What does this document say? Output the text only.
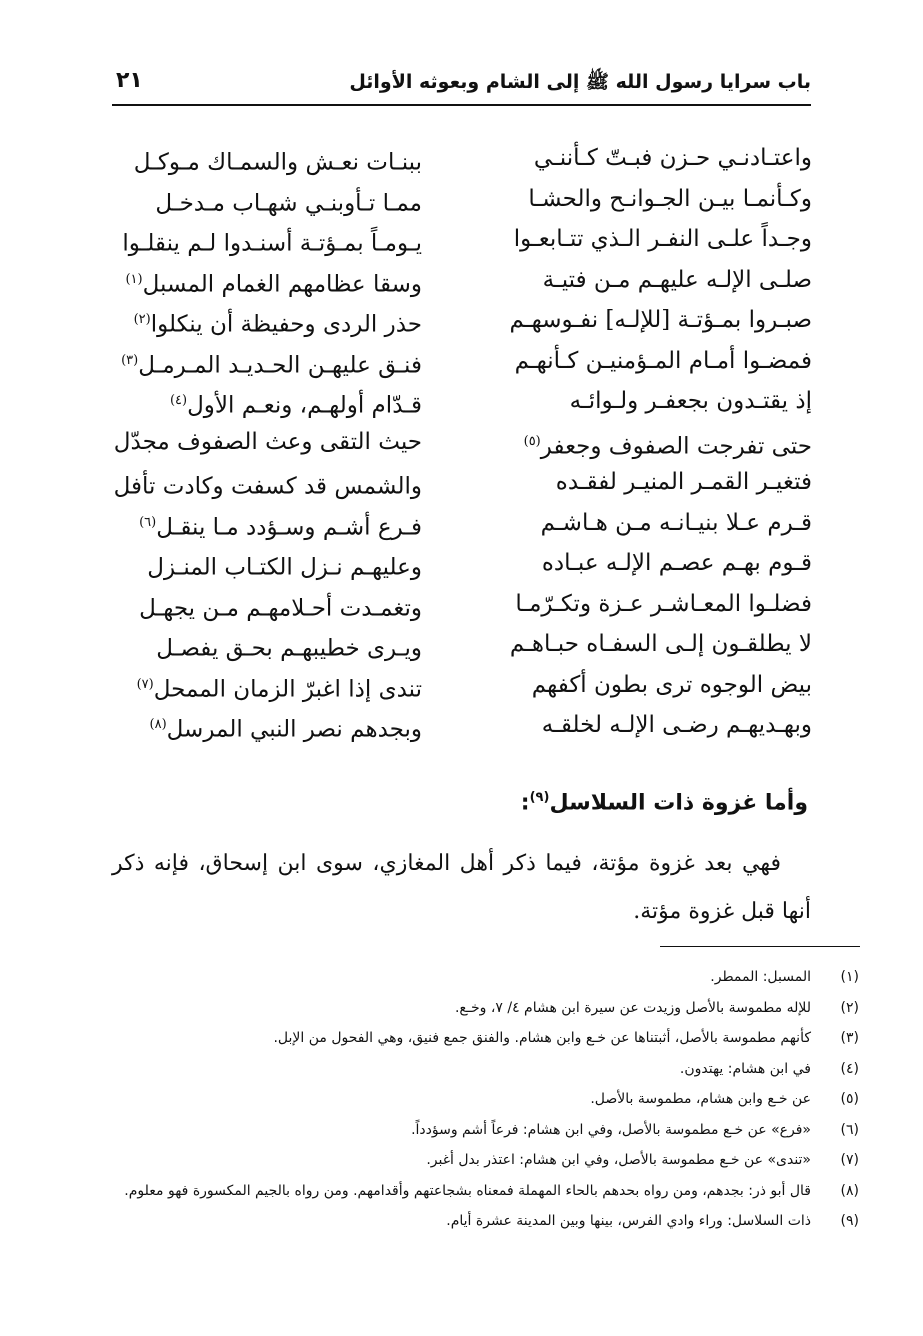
باب سرايا رسول الله ﷺ إلى الشام وبعوثه الأوائل
٢١
واعتـادنـي حـزن فبـتّ كـأننـي
ببنـات نعـش والسمـاك مـوكـل
وكـأنمـا بيـن الجـوانـح والحشـا
ممـا تـأوبنـي شهـاب مـدخـل
وجـداً علـى النفـر الـذي تتـابعـوا
يـومـاً بمـؤتـة أسنـدوا لـم ينقلـوا
صلـى الإلـه عليهـم مـن فتيـة
وسقا عظامهم الغمام المسبل$^{(١)}$
صبـروا بمـؤتـة [للإلـه] نفـوسهـم
حذر الردى وحفيظة أن ينكلوا$^{(٢)}$
فمضـوا أمـام المـؤمنيـن كـأنهـم
فنـق عليهـن الحـديـد المـرمـل$^{(٣)}$
إذ يقتـدون بجعفـر ولـوائـه
قـدّام أولهـم، ونعـم الأول$^{(٤)}$
حتى تفرجت الصفوف وجعفر$^{(٥)}$
حيث التقى وعث الصفوف مجدّل
فتغيـر القمـر المنيـر لفقـده
والشمس قد كسفت وكادت تأفل
قـرم عـلا بنيـانـه مـن هـاشـم
فـرع أشـم وسـؤدد مـا ينقـل$^{(٦)}$
قـوم بهـم عصـم الإلـه عبـاده
وعليهـم نـزل الكتـاب المنـزل
فضلـوا المعـاشـر عـزة وتكـرّمـا
وتغمـدت أحـلامهـم مـن يجهـل
لا يطلقـون إلـى السفـاه حبـاهـم
ويـرى خطيبهـم بحـق يفصـل
بيض الوجوه ترى بطون أكفهم
تندى إذا اغبرّ الزمان الممحل$^{(٧)}$
وبهـديهـم رضـى الإلـه لخلقـه
وبجدهم نصر النبي المرسل$^{(٨)}$
وأما غزوة ذات السلاسل$^{(٩)}$:
فهي بعد غزوة مؤتة، فيما ذكر أهل المغازي، سوى ابن إسحاق، فإنه ذكر أنها قبل غزوة مؤتة.
(١)
المسبل: الممطر.
(٢)
للإله مطموسة بالأصل وزيدت عن سيرة ابن هشام ٤/ ٧، وخـع.
(٣)
كأنهم مطموسة بالأصل، أثبتناها عن خـع وابن هشام. والفنق جمع فنيق، وهي الفحول من الإبل.
(٤)
في ابن هشام: يهتدون.
(٥)
عن خـع وابن هشام، مطموسة بالأصل.
(٦)
«فرع» عن خـع مطموسة بالأصل، وفي ابن هشام: فرعاً أشم وسؤدداً.
(٧)
«تندى» عن خـع مطموسة بالأصل، وفي ابن هشام: اعتذر بدل أغبر.
(٨)
قال أبو ذر: بجدهم، ومن رواه بحدهم بالحاء المهملة فمعناه بشجاعتهم وأقدامهم. ومن رواه بالجيم المكسورة فهو معلوم.
(٩)
ذات السلاسل: وراء وادي الفرس، بينها وبين المدينة عشرة أيام.
